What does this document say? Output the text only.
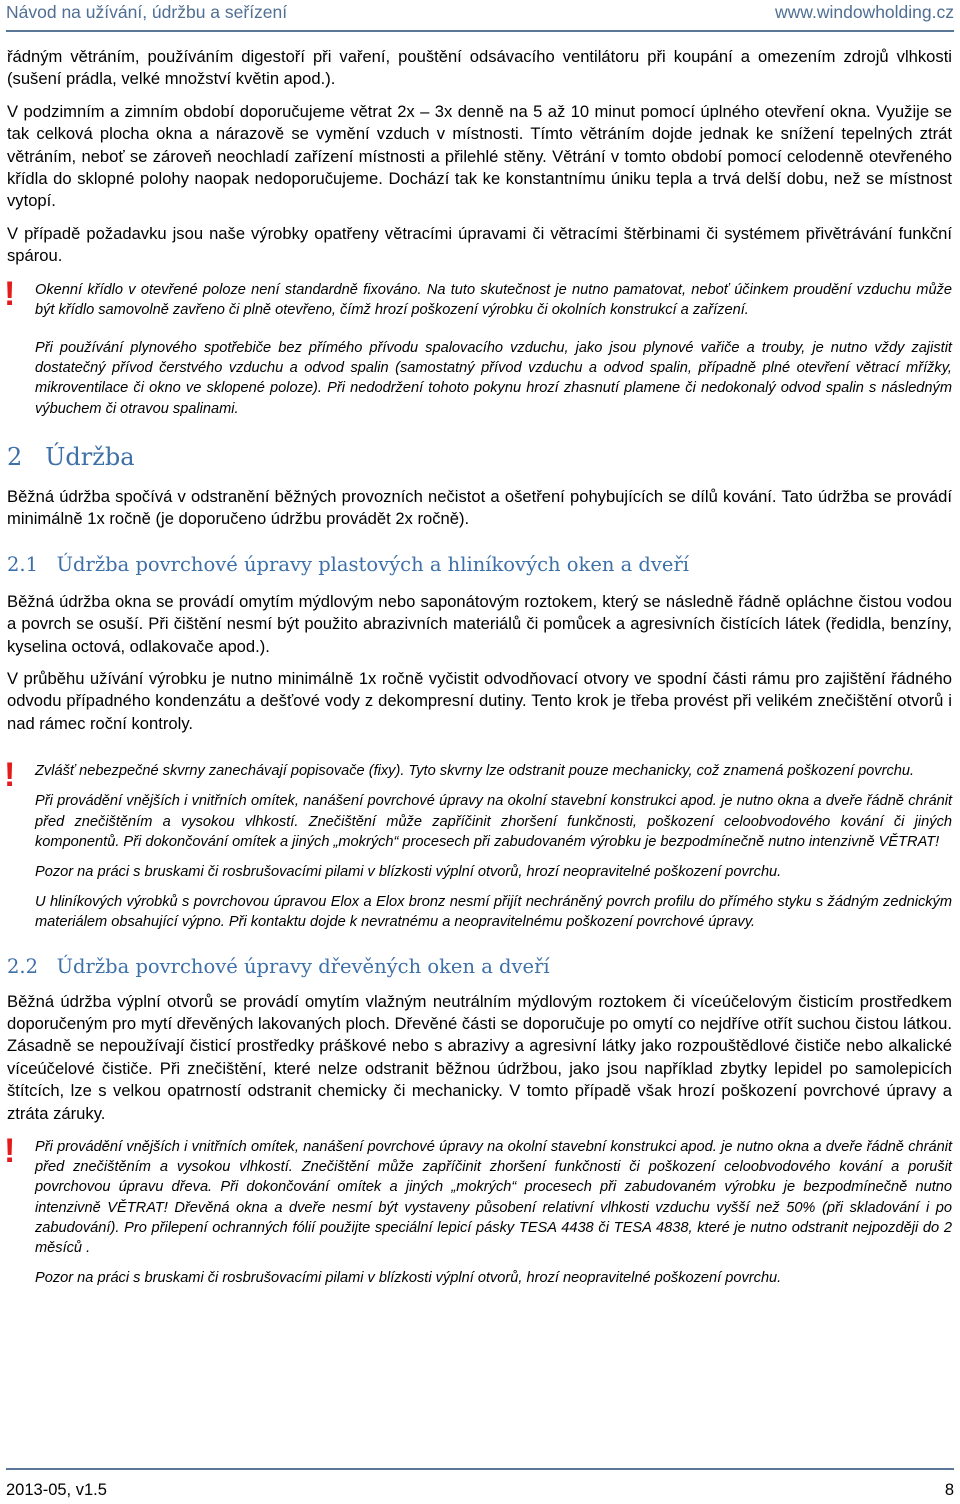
Návod na užívání, údržbu a seřízení	www.windowholding.cz

řádným větráním, používáním digestoří při vaření, pouštění odsávacího ventilátoru při koupání a omezením zdrojů vlhkosti (sušení prádla, velké množství květin apod.).

V podzimním a zimním období doporučujeme větrat 2x – 3x denně na 5 až 10 minut pomocí úplného otevření okna. Využije se tak celková plocha okna a nárazově se vymění vzduch v místnosti. Tímto větráním dojde jednak ke snížení tepelných ztrát větráním, neboť se zároveň neochladí zařízení místnosti a přilehlé stěny. Větrání v tomto období pomocí celodenně otevřeného křídla do sklopné polohy naopak nedoporučujeme. Dochází tak ke konstantnímu úniku tepla a trvá delší dobu, než se místnost vytopí.

V případě požadavku jsou naše výrobky opatřeny větracími úpravami či větracími štěrbinami či systémem přivětrávání funkční spárou.

! Okenní křídlo v otevřené poloze není standardně fixováno. Na tuto skutečnost je nutno pamatovat, neboť účinkem proudění vzduchu může být křídlo samovolně zavřeno či plně otevřeno, čímž hrozí poškození výrobku či okolních konstrukcí a zařízení.

Při používání plynového spotřebiče bez přímého přívodu spalovacího vzduchu, jako jsou plynové vařiče a trouby, je nutno vždy zajistit dostatečný přívod čerstvého vzduchu a odvod spalin (samostatný přívod vzduchu a odvod spalin, případně plné otevření větrací mřížky, mikroventilace či okno ve sklopené poloze). Při nedodržení tohoto pokynu hrozí zhasnutí plamene či nedokonalý odvod spalin s následným výbuchem či otravou spalinami.

2 Údržba

Běžná údržba spočívá v odstranění běžných provozních nečistot a ošetření pohybujících se dílů kování. Tato údržba se provádí minimálně 1x ročně (je doporučeno údržbu provádět 2x ročně).

2.1 Údržba povrchové úpravy plastových a hliníkových oken a dveří

Běžná údržba okna se provádí omytím mýdlovým nebo saponátovým roztokem, který se následně řádně opláchne čistou vodou a povrch se osuší. Při čištění nesmí být použito abrazivních materiálů či pomůcek a agresivních čistících látek (ředidla, benzíny, kyselina octová, odlakovače apod.).

V průběhu užívání výrobku je nutno minimálně 1x ročně vyčistit odvodňovací otvory ve spodní části rámu pro zajištění řádného odvodu případného kondenzátu a dešťové vody z dekompresní dutiny. Tento krok je třeba provést při velikém znečištění otvorů i nad rámec roční kontroly.

! Zvlášť nebezpečné skvrny zanechávají popisovače (fixy). Tyto skvrny lze odstranit pouze mechanicky, což znamená poškození povrchu.

Při provádění vnějších i vnitřních omítek, nanášení povrchové úpravy na okolní stavební konstrukci apod. je nutno okna a dveře řádně chránit před znečištěním a vysokou vlhkostí. Znečištění může zapříčinit zhoršení funkčnosti, poškození celoobvodového kování či jiných komponentů. Při dokončování omítek a jiných „mokrých“ procesech při zabudovaném výrobku je bezpodmínečně nutno intenzivně VĚTRAT!

Pozor na práci s bruskami či rosbrušovacími pilami v blízkosti výplní otvorů, hrozí neopravitelné poškození povrchu.

U hliníkových výrobků s povrchovou úpravou Elox a Elox bronz nesmí přijít nechráněný povrch profilu do přímého styku s žádným zednickým materiálem obsahující výpno. Při kontaktu dojde k nevratnému a neopravitelnému poškození povrchové úpravy.

2.2 Údržba povrchové úpravy dřevěných oken a dveří

Běžná údržba výplní otvorů se provádí omytím vlažným neutrálním mýdlovým roztokem či víceúčelovým čisticím prostředkem doporučeným pro mytí dřevěných lakovaných ploch. Dřevěné části se doporučuje po omytí co nejdříve otřít suchou čistou látkou. Zásadně se nepoužívají čisticí prostředky práškové nebo s abrazivy a agresivní látky jako rozpouštědlové čističe nebo alkalické víceúčelové čističe. Při znečištění, které nelze odstranit běžnou údržbou, jako jsou například zbytky lepidel po samolepicích štítcích, lze s velkou opatrností odstranit chemicky či mechanicky. V tomto případě však hrozí poškození povrchové úpravy a ztráta záruky.

! Při provádění vnějších i vnitřních omítek, nanášení povrchové úpravy na okolní stavební konstrukci apod. je nutno okna a dveře řádně chránit před znečištěním a vysokou vlhkostí. Znečištění může zapříčinit zhoršení funkčnosti či poškození celoobvodového kování a porušit povrchovou úpravu dřeva. Při dokončování omítek a jiných „mokrých“ procesech při zabudovaném výrobku je bezpodmínečně nutno intenzivně VĚTRAT! Dřevěná okna a dveře nesmí být vystaveny působení relativní vlhkosti vzduchu vyšší než 50% (při skladování i po zabudování). Pro přilepení ochranných fólií použijte speciální lepicí pásky TESA 4438 či TESA 4838, které je nutno odstranit nejpozději do 2 měsíců .

Pozor na práci s bruskami či rosbrušovacími pilami v blízkosti výplní otvorů, hrozí neopravitelné poškození povrchu.

2013-05, v1.5	8
